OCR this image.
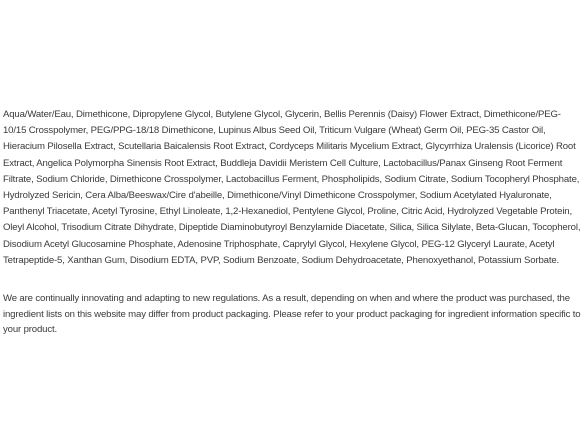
Aqua/Water/Eau, Dimethicone, Dipropylene Glycol, Butylene Glycol, Glycerin, Bellis Perennis (Daisy) Flower Extract, Dimethicone/PEG-10/15 Crosspolymer, PEG/PPG-18/18 Dimethicone, Lupinus Albus Seed Oil, Triticum Vulgare (Wheat) Germ Oil, PEG-35 Castor Oil, Hieracium Pilosella Extract, Scutellaria Baicalensis Root Extract, Cordyceps Militaris Mycelium Extract, Glycyrrhiza Uralensis (Licorice) Root Extract, Angelica Polymorpha Sinensis Root Extract, Buddleja Davidii Meristem Cell Culture, Lactobacillus/Panax Ginseng Root Ferment Filtrate, Sodium Chloride, Dimethicone Crosspolymer, Lactobacillus Ferment, Phospholipids, Sodium Citrate, Sodium Tocopheryl Phosphate, Hydrolyzed Sericin, Cera Alba/Beeswax/Cire d'abeille, Dimethicone/Vinyl Dimethicone Crosspolymer, Sodium Acetylated Hyaluronate, Panthenyl Triacetate, Acetyl Tyrosine, Ethyl Linoleate, 1,2-Hexanediol, Pentylene Glycol, Proline, Citric Acid, Hydrolyzed Vegetable Protein, Oleyl Alcohol, Trisodium Citrate Dihydrate, Dipeptide Diaminobutyroyl Benzylamide Diacetate, Silica, Silica Silylate, Beta-Glucan, Tocopherol, Disodium Acetyl Glucosamine Phosphate, Adenosine Triphosphate, Caprylyl Glycol, Hexylene Glycol, PEG-12 Glyceryl Laurate, Acetyl Tetrapeptide-5, Xanthan Gum, Disodium EDTA, PVP, Sodium Benzoate, Sodium Dehydroacetate, Phenoxyethanol, Potassium Sorbate.

We are continually innovating and adapting to new regulations. As a result, depending on when and where the product was purchased, the ingredient lists on this website may differ from product packaging. Please refer to your product packaging for ingredient information specific to your product.
